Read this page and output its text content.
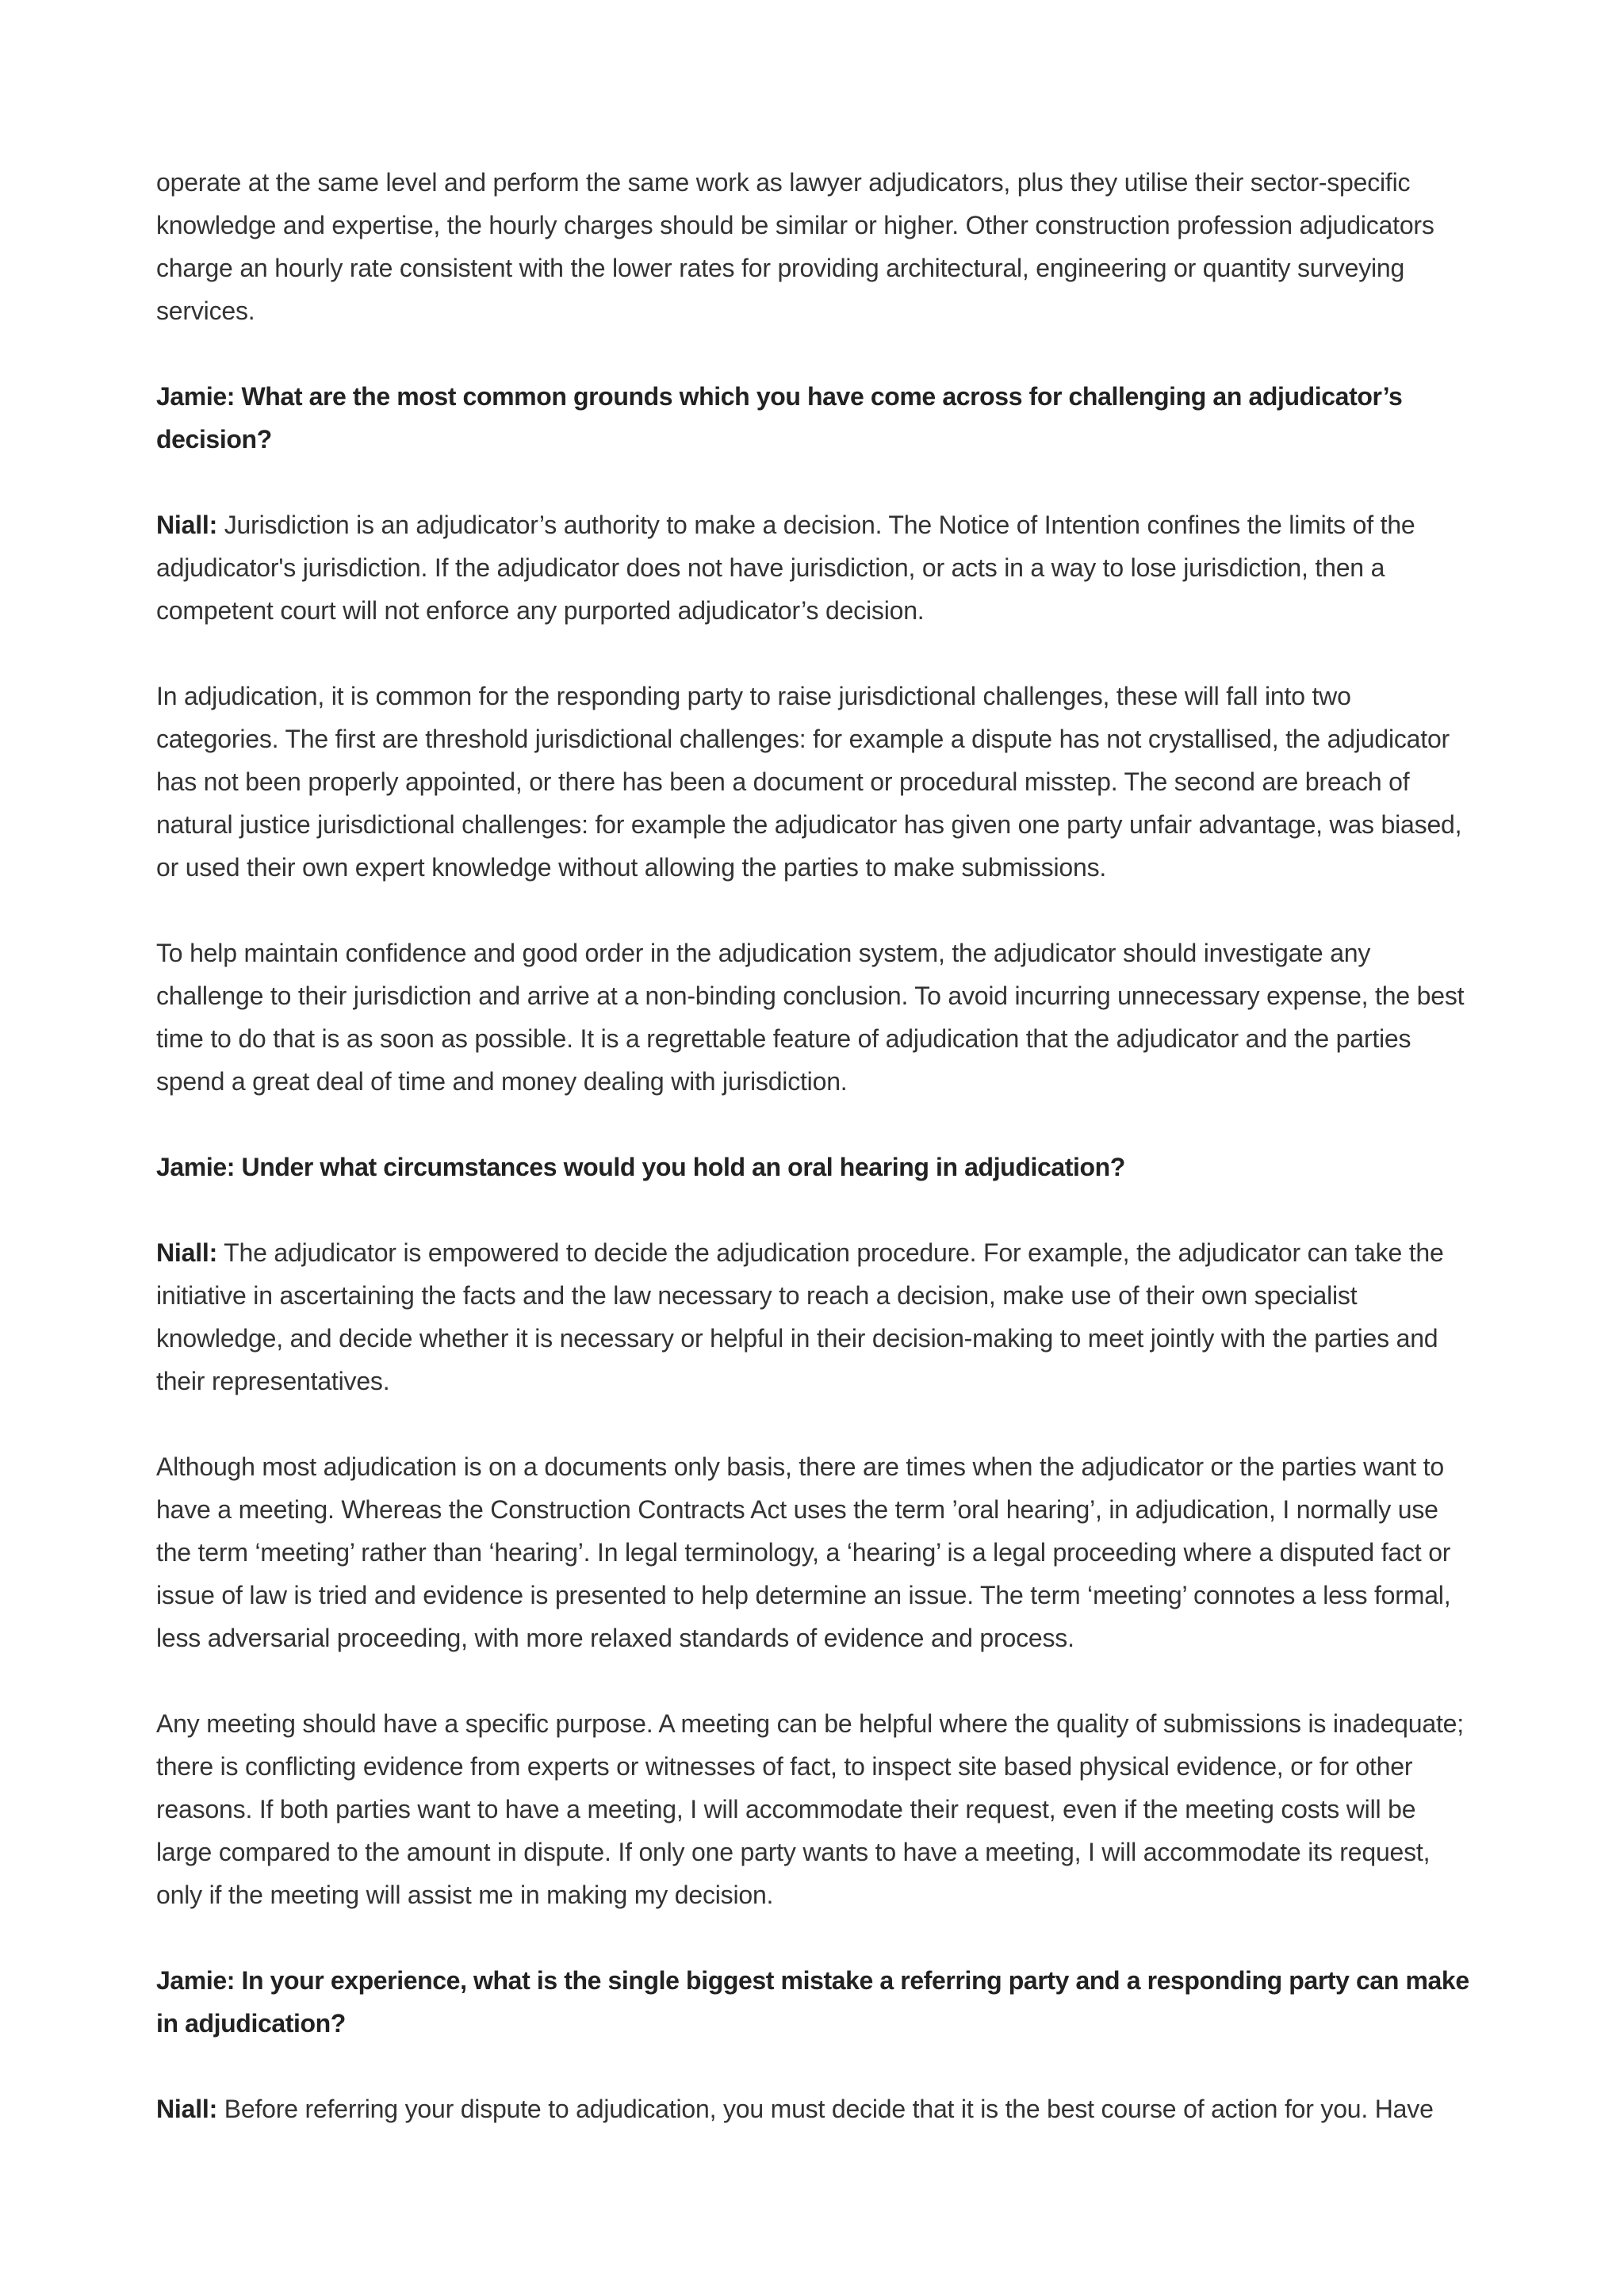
operate at the same level and perform the same work as lawyer adjudicators, plus they utilise their sector-specific knowledge and expertise, the hourly charges should be similar or higher. Other construction profession adjudicators charge an hourly rate consistent with the lower rates for providing architectural, engineering or quantity surveying services.

Jamie: What are the most common grounds which you have come across for challenging an adjudicator’s decision?

Niall: Jurisdiction is an adjudicator’s authority to make a decision. The Notice of Intention confines the limits of the adjudicator's jurisdiction. If the adjudicator does not have jurisdiction, or acts in a way to lose jurisdiction, then a competent court will not enforce any purported adjudicator’s decision.

In adjudication, it is common for the responding party to raise jurisdictional challenges, these will fall into two categories. The first are threshold jurisdictional challenges: for example a dispute has not crystallised, the adjudicator has not been properly appointed, or there has been a document or procedural misstep. The second are breach of natural justice jurisdictional challenges: for example the adjudicator has given one party unfair advantage, was biased, or used their own expert knowledge without allowing the parties to make submissions.

To help maintain confidence and good order in the adjudication system, the adjudicator should investigate any challenge to their jurisdiction and arrive at a non-binding conclusion. To avoid incurring unnecessary expense, the best time to do that is as soon as possible. It is a regrettable feature of adjudication that the adjudicator and the parties spend a great deal of time and money dealing with jurisdiction.

Jamie: Under what circumstances would you hold an oral hearing in adjudication?

Niall: The adjudicator is empowered to decide the adjudication procedure. For example, the adjudicator can take the initiative in ascertaining the facts and the law necessary to reach a decision, make use of their own specialist knowledge, and decide whether it is necessary or helpful in their decision-making to meet jointly with the parties and their representatives.

Although most adjudication is on a documents only basis, there are times when the adjudicator or the parties want to have a meeting. Whereas the Construction Contracts Act uses the term ’oral hearing’, in adjudication, I normally use the term ‘meeting’ rather than ‘hearing’. In legal terminology, a ‘hearing’ is a legal proceeding where a disputed fact or issue of law is tried and evidence is presented to help determine an issue. The term ‘meeting’ connotes a less formal, less adversarial proceeding, with more relaxed standards of evidence and process.

Any meeting should have a specific purpose. A meeting can be helpful where the quality of submissions is inadequate; there is conflicting evidence from experts or witnesses of fact, to inspect site based physical evidence, or for other reasons. If both parties want to have a meeting, I will accommodate their request, even if the meeting costs will be large compared to the amount in dispute. If only one party wants to have a meeting, I will accommodate its request, only if the meeting will assist me in making my decision.

Jamie: In your experience, what is the single biggest mistake a referring party and a responding party can make in adjudication?

Niall: Before referring your dispute to adjudication, you must decide that it is the best course of action for you. Have
